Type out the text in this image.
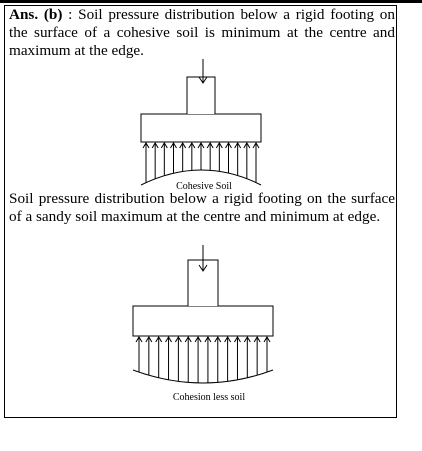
Ans. (b) : Soil pressure distribution below a rigid footing on the surface of a cohesive soil is minimum at the centre and maximum at the edge.

Cohesive Soil

Soil pressure distribution below a rigid footing on the surface of a sandy soil maximum at the centre and minimum at edge.

Cohesion less soil
